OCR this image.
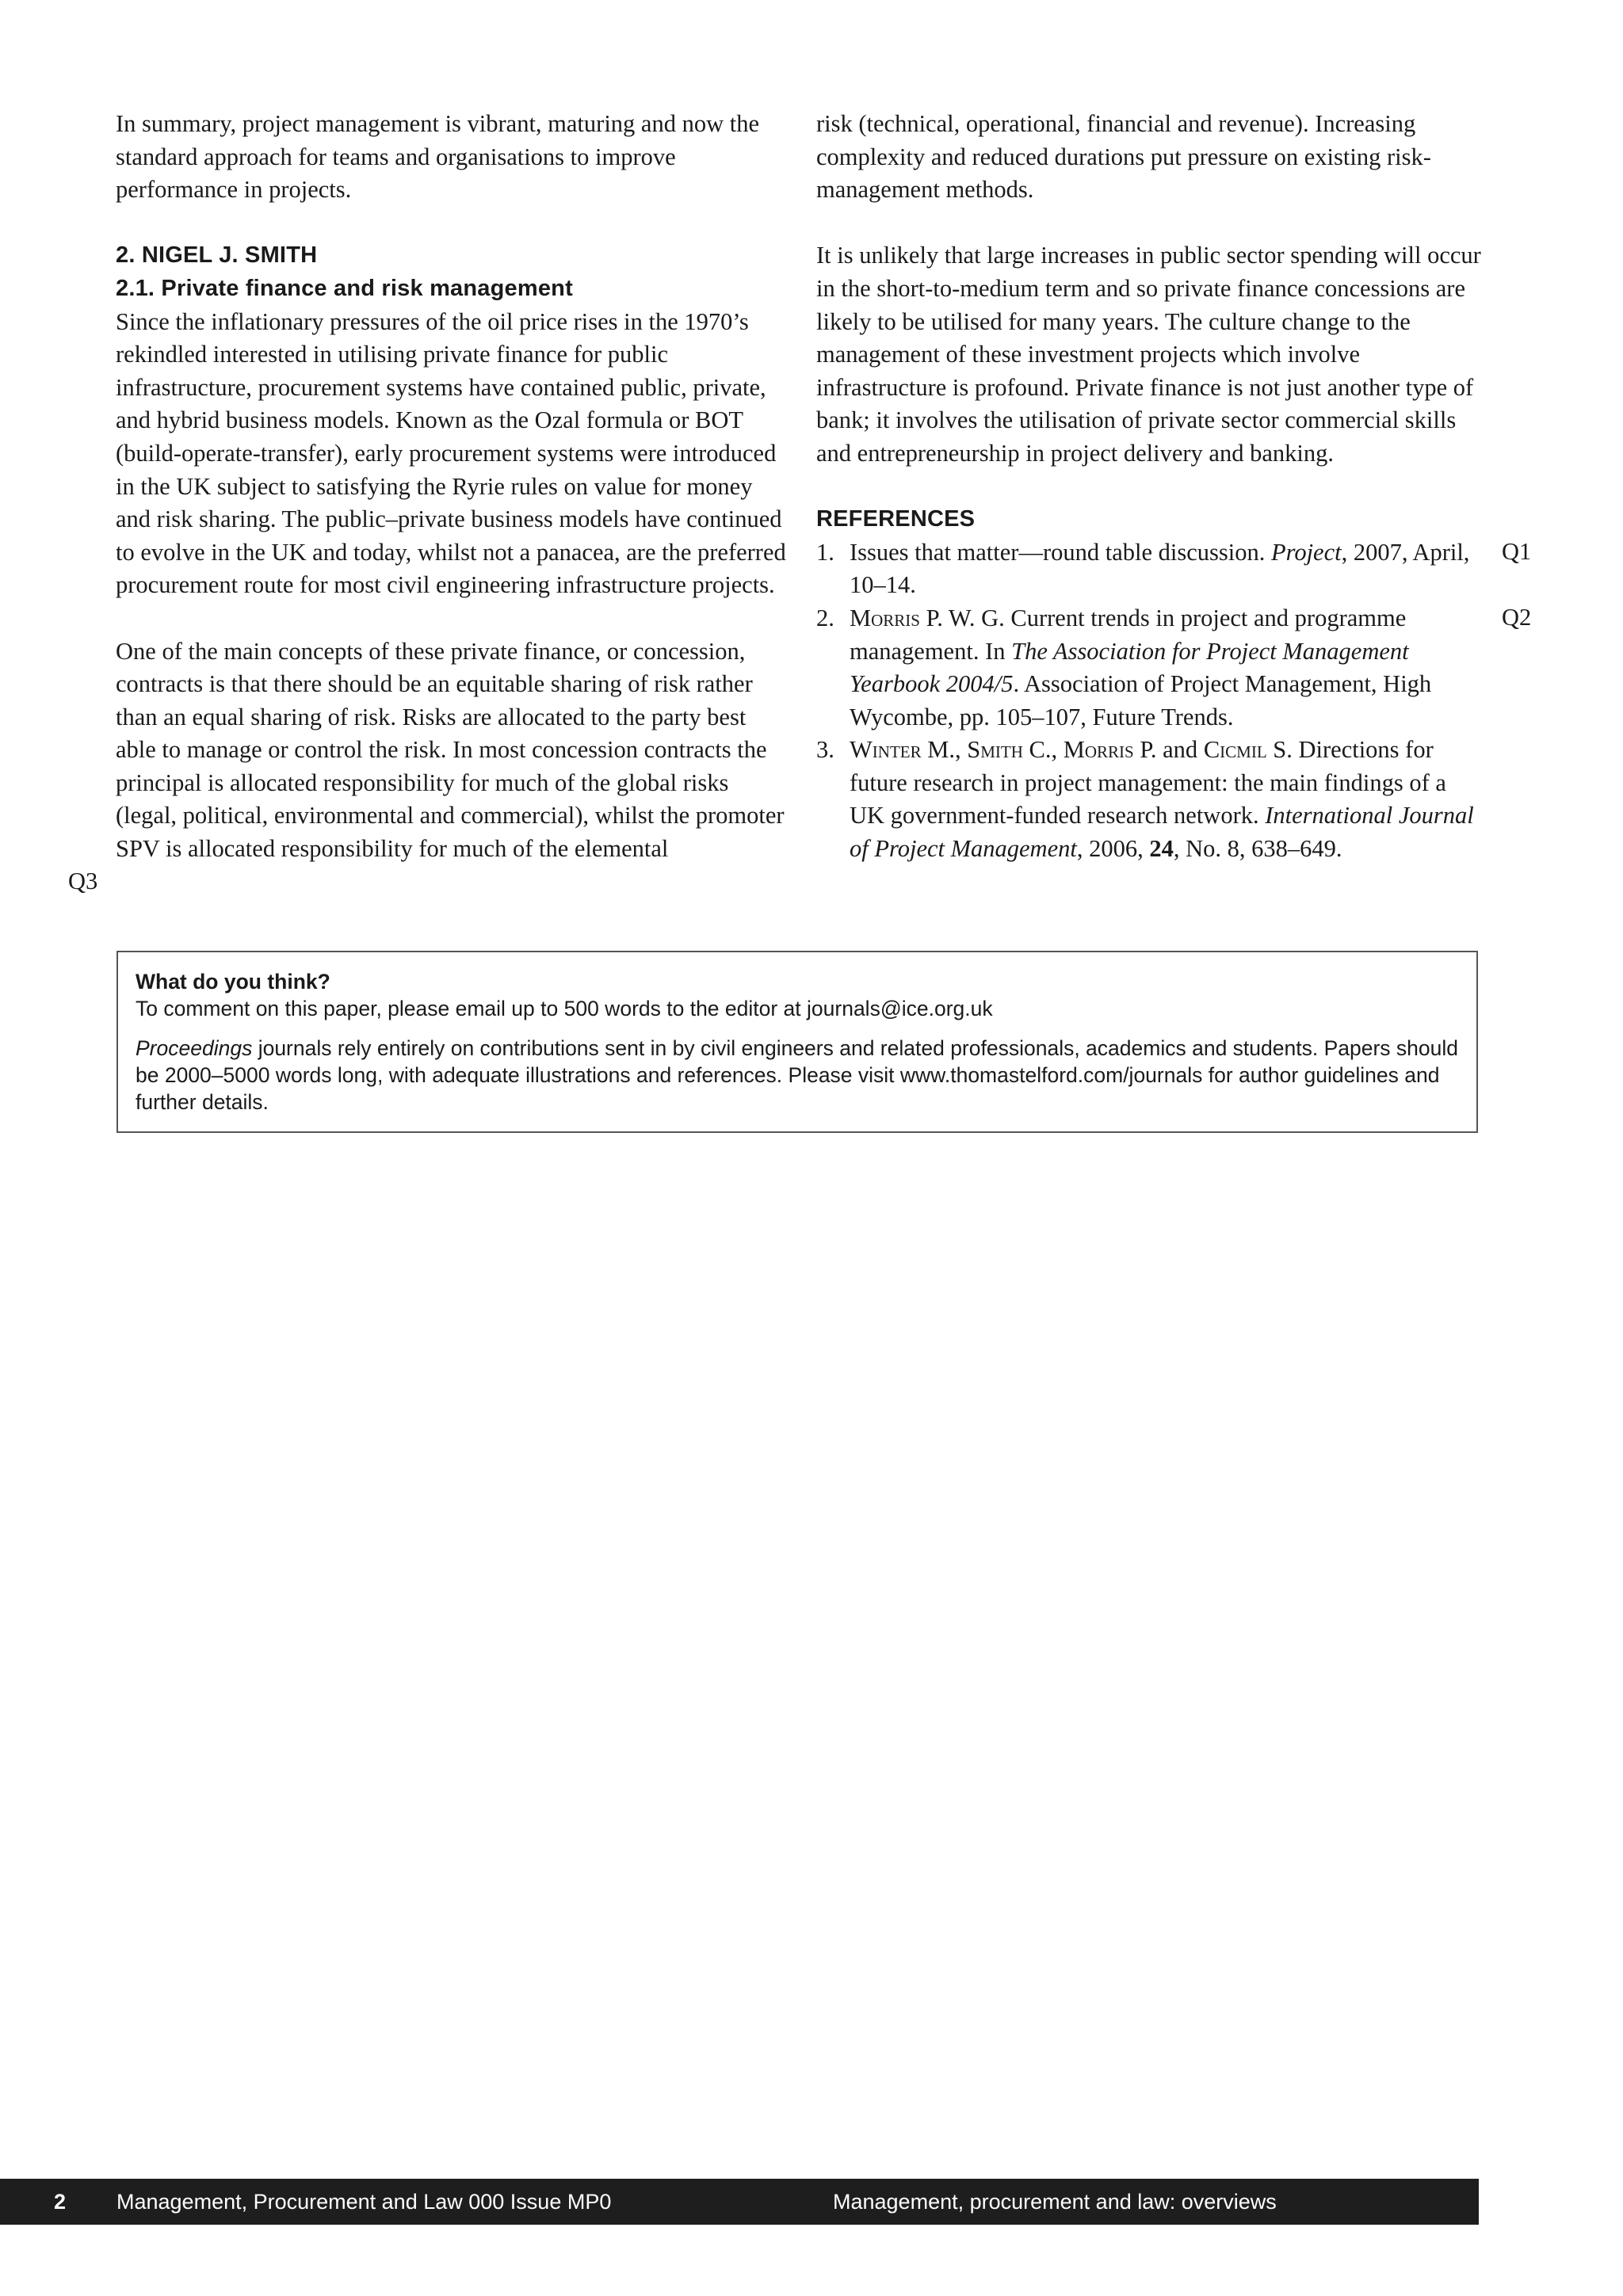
In summary, project management is vibrant, maturing and now the standard approach for teams and organisations to improve performance in projects.

2. NIGEL J. SMITH
2.1. Private finance and risk management

Since the inflationary pressures of the oil price rises in the 1970’s rekindled interested in utilising private finance for public infrastructure, procurement systems have contained public, private, and hybrid business models. Known as the Ozal formula or BOT (build-operate-transfer), early procurement systems were introduced in the UK subject to satisfying the Ryrie rules on value for money and risk sharing. The public–private business models have continued to evolve in the UK and today, whilst not a panacea, are the preferred procurement route for most civil engineering infrastructure projects.

One of the main concepts of these private finance, or concession, contracts is that there should be an equitable sharing of risk rather than an equal sharing of risk. Risks are allocated to the party best able to manage or control the risk. In most concession contracts the principal is allocated responsibility for much of the global risks (legal, political, environmental and commercial), whilst the promoter SPV is allocated responsibility for much of the elemental

risk (technical, operational, financial and revenue). Increasing complexity and reduced durations put pressure on existing risk-management methods.

It is unlikely that large increases in public sector spending will occur in the short-to-medium term and so private finance concessions are likely to be utilised for many years. The culture change to the management of these investment projects which involve infrastructure is profound. Private finance is not just another type of bank; it involves the utilisation of private sector commercial skills and entrepreneurship in project delivery and banking.

REFERENCES
1. Issues that matter—round table discussion. Project, 2007, April, 10–14.
2. Morris P. W. G. Current trends in project and programme management. In The Association for Project Management Yearbook 2004/5. Association of Project Management, High Wycombe, pp. 105–107, Future Trends.
3. Winter M., Smith C., Morris P. and Cicmil S. Directions for future research in project management: the main findings of a UK government-funded research network. International Journal of Project Management, 2006, 24, No. 8, 638–649.
Q1
Q2
Q3
What do you think?
To comment on this paper, please email up to 500 words to the editor at journals@ice.org.uk
Proceedings journals rely entirely on contributions sent in by civil engineers and related professionals, academics and students. Papers should be 2000–5000 words long, with adequate illustrations and references. Please visit www.thomastelford.com/journals for author guidelines and further details.
2 Management, Procurement and Law 000 Issue MP0	Management, procurement and law: overviews
